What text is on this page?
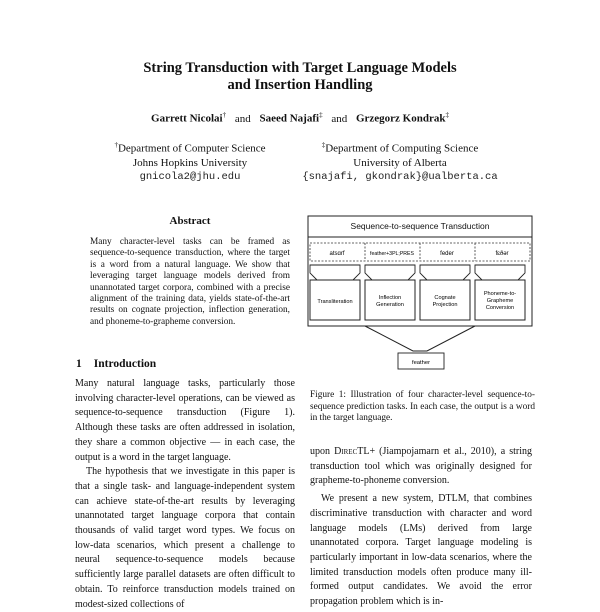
String Transduction with Target Language Models
and Insertion Handling
Garrett Nicolai† and Saeed Najafi‡ and Grzegorz Kondrak‡
†Department of Computer Science
Johns Hopkins University
gnicola2@jhu.edu
‡Department of Computing Science
University of Alberta
{snajafi, gkondrak}@ualberta.ca
Abstract
Many character-level tasks can be framed as sequence-to-sequence transduction, where the target is a word from a natural language. We show that leveraging target language models derived from unannotated target corpora, combined with a precise alignment of the training data, yields state-of-the-art results on cognate projection, inflection generation, and phoneme-to-grapheme conversion.
1 Introduction

Many natural language tasks, particularly those involving character-level operations, can be viewed as sequence-to-sequence transduction (Figure 1). Although these tasks are often addressed in isolation, they share a common objective — in each case, the output is a word in the target language.

The hypothesis that we investigate in this paper is that a single task- and language-independent system can achieve state-of-the-art results by leveraging unannotated target language corpora that contain thousands of valid target word types. We focus on low-data scenarios, which present a challenge to neural sequence-to-sequence models because sufficiently large parallel datasets are often difficult to obtain. To reinforce transduction models trained on modest-sized collections of

Sequence-to-sequence Transduction
atsɑrf	feather+3PL;PRES	feder	fɛðər
Transliteration
Inflection
Generation
Cognate
Projection
Phoneme-to-
Grapheme
Conversion
feather
Figure 1: Illustration of four character-level sequence-to-sequence prediction tasks. In each case, the output is a word in the target language.

upon DirecTL+ (Jiampojamarn et al., 2010), a string transduction tool which was originally designed for grapheme-to-phoneme conversion.

We present a new system, DTLM, that combines discriminative transduction with character and word language models (LMs) derived from large unannotated corpora. Target language modeling is particularly important in low-data scenarios, where the limited transduction models often produce many ill-formed output candidates. We avoid the error propagation problem which is in-
